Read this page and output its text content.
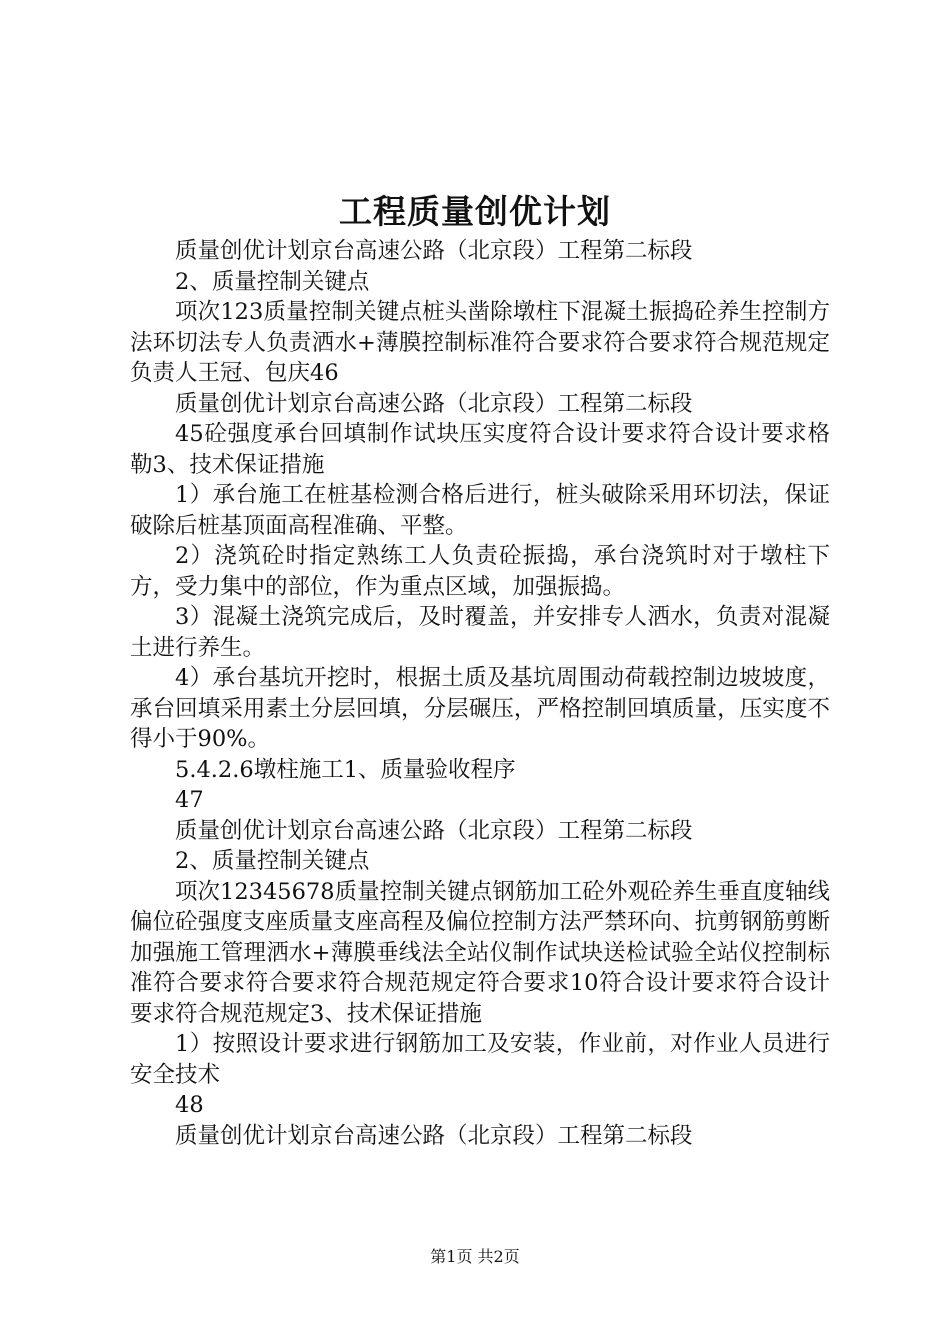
工程质量创优计划

质量创优计划京台高速公路（北京段）工程第二标段

2、质量控制关键点

项次123质量控制关键点桩头凿除墩柱下混凝土振捣砼养生控制方法环切法专人负责洒水+薄膜控制标准符合要求符合要求符合规范规定负责人王冠、包庆46

质量创优计划京台高速公路（北京段）工程第二标段

45砼强度承台回填制作试块压实度符合设计要求符合设计要求格勒3、技术保证措施

1）承台施工在桩基检测合格后进行，桩头破除采用环切法，保证破除后桩基顶面高程准确、平整。

2）浇筑砼时指定熟练工人负责砼振捣，承台浇筑时对于墩柱下方，受力集中的部位，作为重点区域，加强振捣。

3）混凝土浇筑完成后，及时覆盖，并安排专人洒水，负责对混凝土进行养生。

4）承台基坑开挖时，根据土质及基坑周围动荷载控制边坡坡度，承台回填采用素土分层回填，分层碾压，严格控制回填质量，压实度不得小于90%。

5.4.2.6墩柱施工1、质量验收程序

47

质量创优计划京台高速公路（北京段）工程第二标段

2、质量控制关键点

项次12345678质量控制关键点钢筋加工砼外观砼养生垂直度轴线偏位砼强度支座质量支座高程及偏位控制方法严禁环向、抗剪钢筋剪断加强施工管理洒水+薄膜垂线法全站仪制作试块送检试验全站仪控制标准符合要求符合要求符合规范规定符合要求10符合设计要求符合设计要求符合规范规定3、技术保证措施

1）按照设计要求进行钢筋加工及安装，作业前，对作业人员进行安全技术

48

质量创优计划京台高速公路（北京段）工程第二标段

第1页 共2页
